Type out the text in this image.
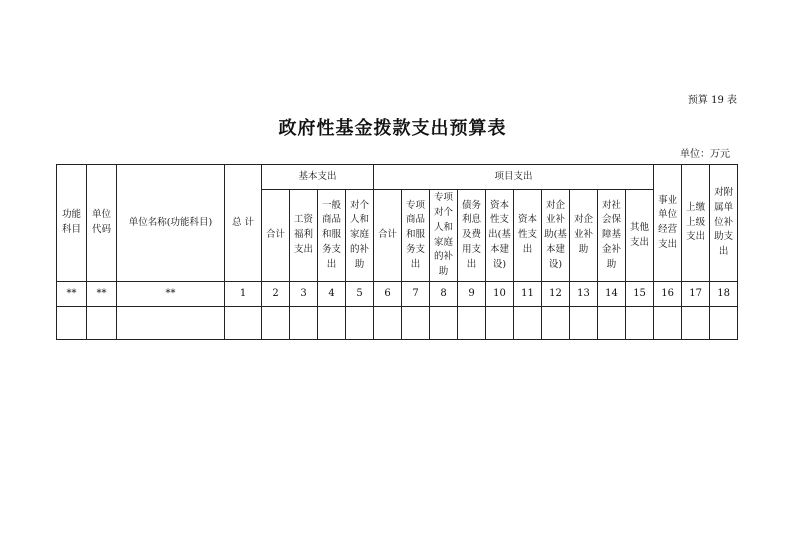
预算 19 表
政府性基金拨款支出预算表
单位：万元
功能科目	单位代码	单位名称(功能科目)	总 计	基本支出				项目支出										事业单位经营支出	上缴上级支出	对附属单位补助支出
				合计	工资福利支出	一般商品和服务支出	对个人和家庭的补助	合计	专项商品和服务支出	专项对个人和家庭的补助	债务利息及费用支出	资本性支出(基本建设)	资本性支出	对企业补助(基本建设)	对企业补助	对社会保障基金补助	其他支出			
**	**	**	1	2	3	4	5	6	7	8	9	10	11	12	13	14	15	16	17	18
